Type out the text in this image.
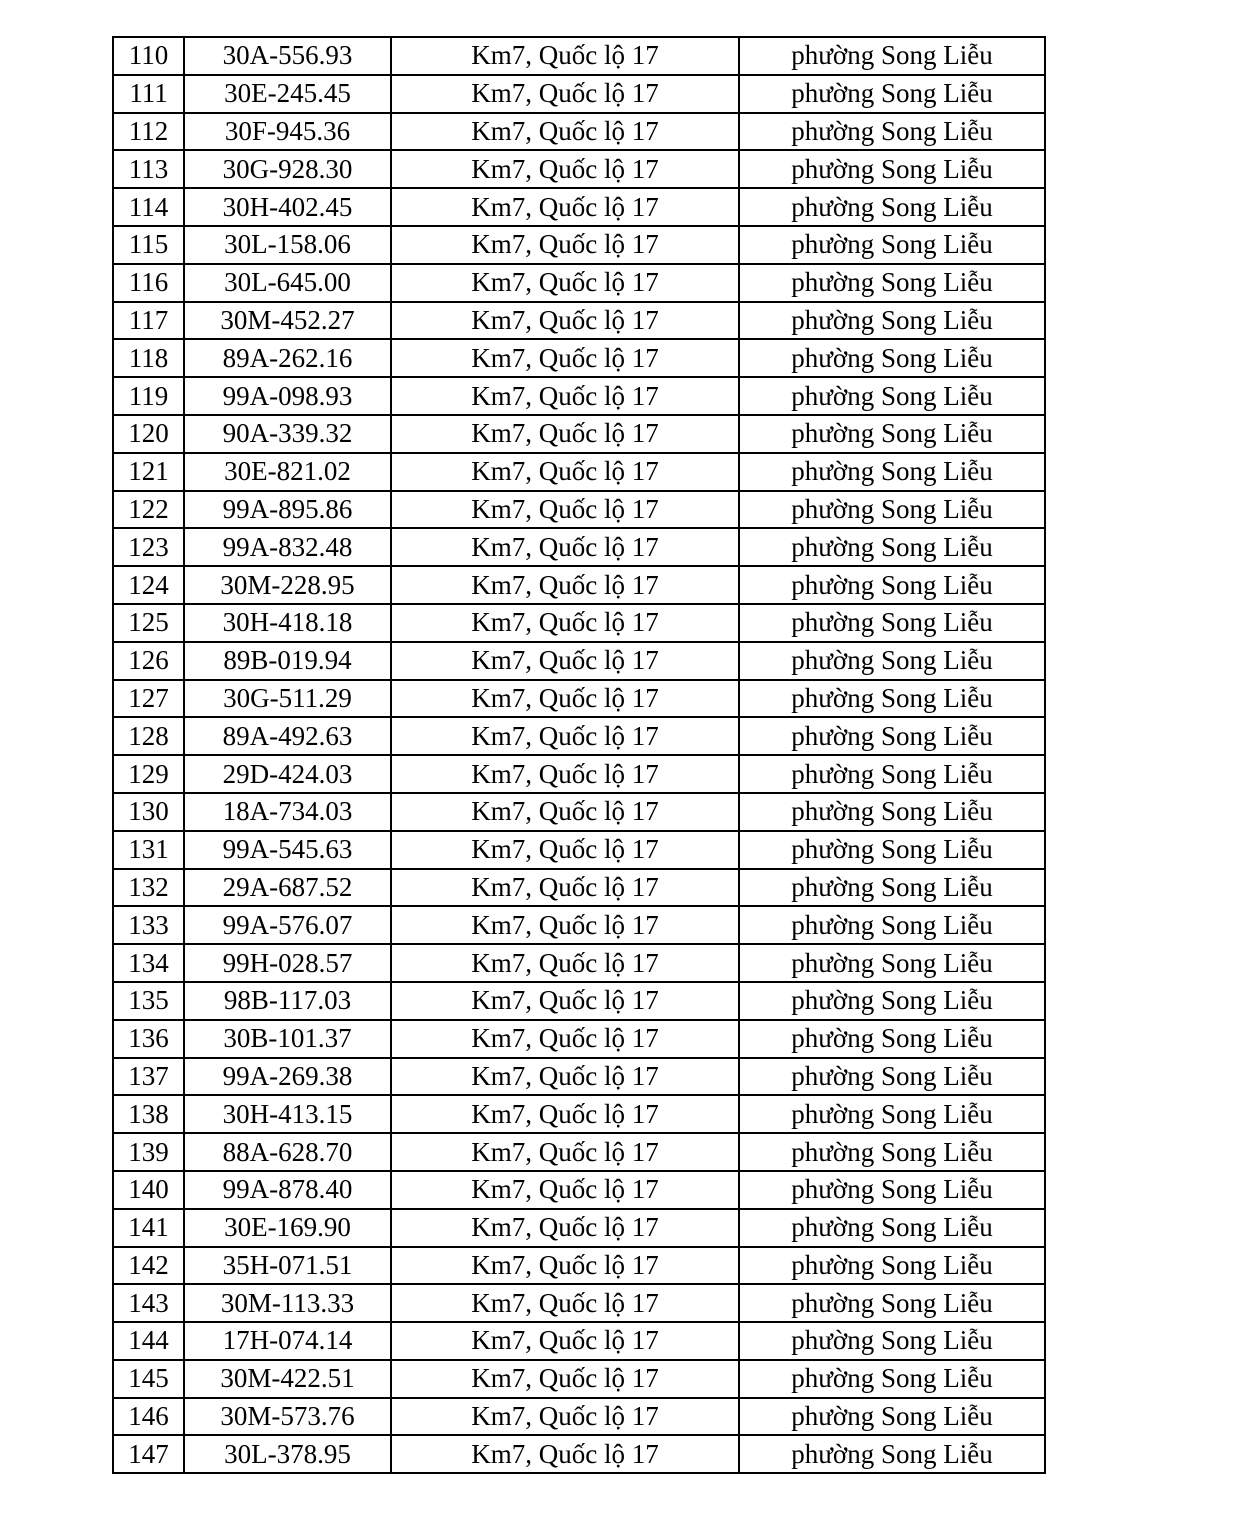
110	30A-556.93	Km7, Quốc lộ 17	phường Song Liễu
111	30E-245.45	Km7, Quốc lộ 17	phường Song Liễu
112	30F-945.36	Km7, Quốc lộ 17	phường Song Liễu
113	30G-928.30	Km7, Quốc lộ 17	phường Song Liễu
114	30H-402.45	Km7, Quốc lộ 17	phường Song Liễu
115	30L-158.06	Km7, Quốc lộ 17	phường Song Liễu
116	30L-645.00	Km7, Quốc lộ 17	phường Song Liễu
117	30M-452.27	Km7, Quốc lộ 17	phường Song Liễu
118	89A-262.16	Km7, Quốc lộ 17	phường Song Liễu
119	99A-098.93	Km7, Quốc lộ 17	phường Song Liễu
120	90A-339.32	Km7, Quốc lộ 17	phường Song Liễu
121	30E-821.02	Km7, Quốc lộ 17	phường Song Liễu
122	99A-895.86	Km7, Quốc lộ 17	phường Song Liễu
123	99A-832.48	Km7, Quốc lộ 17	phường Song Liễu
124	30M-228.95	Km7, Quốc lộ 17	phường Song Liễu
125	30H-418.18	Km7, Quốc lộ 17	phường Song Liễu
126	89B-019.94	Km7, Quốc lộ 17	phường Song Liễu
127	30G-511.29	Km7, Quốc lộ 17	phường Song Liễu
128	89A-492.63	Km7, Quốc lộ 17	phường Song Liễu
129	29D-424.03	Km7, Quốc lộ 17	phường Song Liễu
130	18A-734.03	Km7, Quốc lộ 17	phường Song Liễu
131	99A-545.63	Km7, Quốc lộ 17	phường Song Liễu
132	29A-687.52	Km7, Quốc lộ 17	phường Song Liễu
133	99A-576.07	Km7, Quốc lộ 17	phường Song Liễu
134	99H-028.57	Km7, Quốc lộ 17	phường Song Liễu
135	98B-117.03	Km7, Quốc lộ 17	phường Song Liễu
136	30B-101.37	Km7, Quốc lộ 17	phường Song Liễu
137	99A-269.38	Km7, Quốc lộ 17	phường Song Liễu
138	30H-413.15	Km7, Quốc lộ 17	phường Song Liễu
139	88A-628.70	Km7, Quốc lộ 17	phường Song Liễu
140	99A-878.40	Km7, Quốc lộ 17	phường Song Liễu
141	30E-169.90	Km7, Quốc lộ 17	phường Song Liễu
142	35H-071.51	Km7, Quốc lộ 17	phường Song Liễu
143	30M-113.33	Km7, Quốc lộ 17	phường Song Liễu
144	17H-074.14	Km7, Quốc lộ 17	phường Song Liễu
145	30M-422.51	Km7, Quốc lộ 17	phường Song Liễu
146	30M-573.76	Km7, Quốc lộ 17	phường Song Liễu
147	30L-378.95	Km7, Quốc lộ 17	phường Song Liễu
